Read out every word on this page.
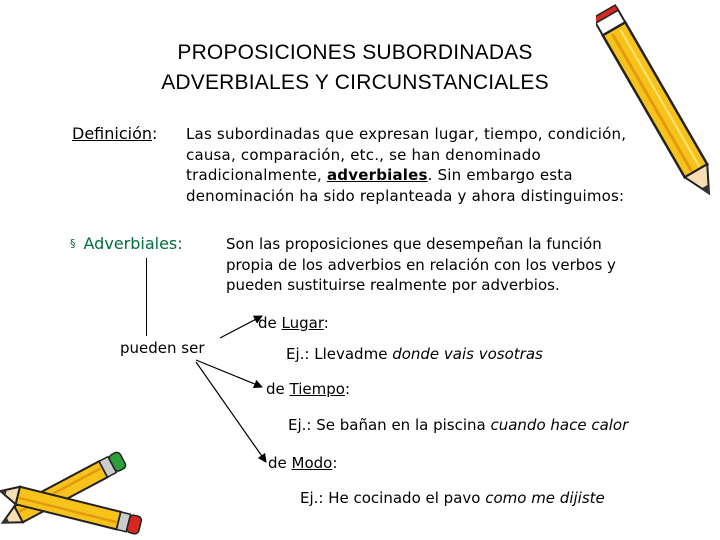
PROPOSICIONES SUBORDINADAS
ADVERBIALES Y CIRCUNSTANCIALES
Definición: Las subordinadas que expresan lugar, tiempo, condición,
causa, comparación, etc., se han denominado
tradicionalmente, adverbiales. Sin embargo esta
denominación ha sido replanteada y ahora distinguimos:
§ Adverbiales:	Son las proposiciones que desempeñan la función
propia de los adverbios en relación con los verbos y
pueden sustituirse realmente por adverbios.
pueden ser
de Lugar:
Ej.: Llevadme donde vais vosotras
de Tiempo:
Ej.: Se bañan en la piscina cuando hace calor
de Modo:
Ej.: He cocinado el pavo como me dijiste
